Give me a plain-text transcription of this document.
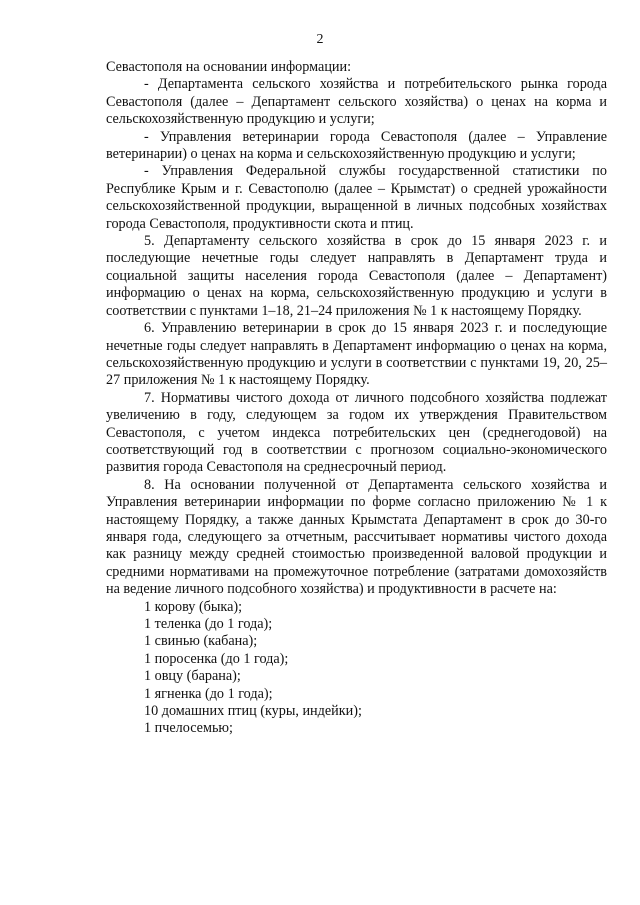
2

Севастополя на основании информации:

- Департамента сельского хозяйства и потребительского рынка города Севастополя (далее – Департамент сельского хозяйства) о ценах на корма и сельскохозяйственную продукцию и услуги;

- Управления ветеринарии города Севастополя (далее – Управление ветеринарии) о ценах на корма и сельскохозяйственную продукцию и услуги;

- Управления Федеральной службы государственной статистики по Республике Крым и г. Севастополю (далее – Крымстат) о средней урожайности сельскохозяйственной продукции, выращенной в личных подсобных хозяйствах города Севастополя, продуктивности скота и птиц.

5. Департаменту сельского хозяйства в срок до 15 января 2023 г. и последующие нечетные годы следует направлять в Департамент труда и социальной защиты населения города Севастополя (далее – Департамент) информацию о ценах на корма, сельскохозяйственную продукцию и услуги в соответствии с пунктами 1–18, 21–24 приложения № 1 к настоящему Порядку.

6. Управлению ветеринарии в срок до 15 января 2023 г. и последующие нечетные годы следует направлять в Департамент информацию о ценах на корма, сельскохозяйственную продукцию и услуги в соответствии с пунктами 19, 20, 25–27 приложения № 1 к настоящему Порядку.

7. Нормативы чистого дохода от личного подсобного хозяйства подлежат увеличению в году, следующем за годом их утверждения Правительством Севастополя, с учетом индекса потребительских цен (среднегодовой) на соответствующий год в соответствии с прогнозом социально-экономического развития города Севастополя на среднесрочный период.

8. На основании полученной от Департамента сельского хозяйства и Управления ветеринарии информации по форме согласно приложению № 1 к настоящему Порядку, а также данных Крымстата Департамент в срок до 30-го января года, следующего за отчетным, рассчитывает нормативы чистого дохода как разницу между средней стоимостью произведенной валовой продукции и средними нормативами на промежуточное потребление (затратами домохозяйств на ведение личного подсобного хозяйства) и продуктивности в расчете на:

1 корову (быка);

1 теленка (до 1 года);

1 свинью (кабана);

1 поросенка (до 1 года);

1 овцу (барана);

1 ягненка (до 1 года);

10 домашних птиц (куры, индейки);

1 пчелосемью;
